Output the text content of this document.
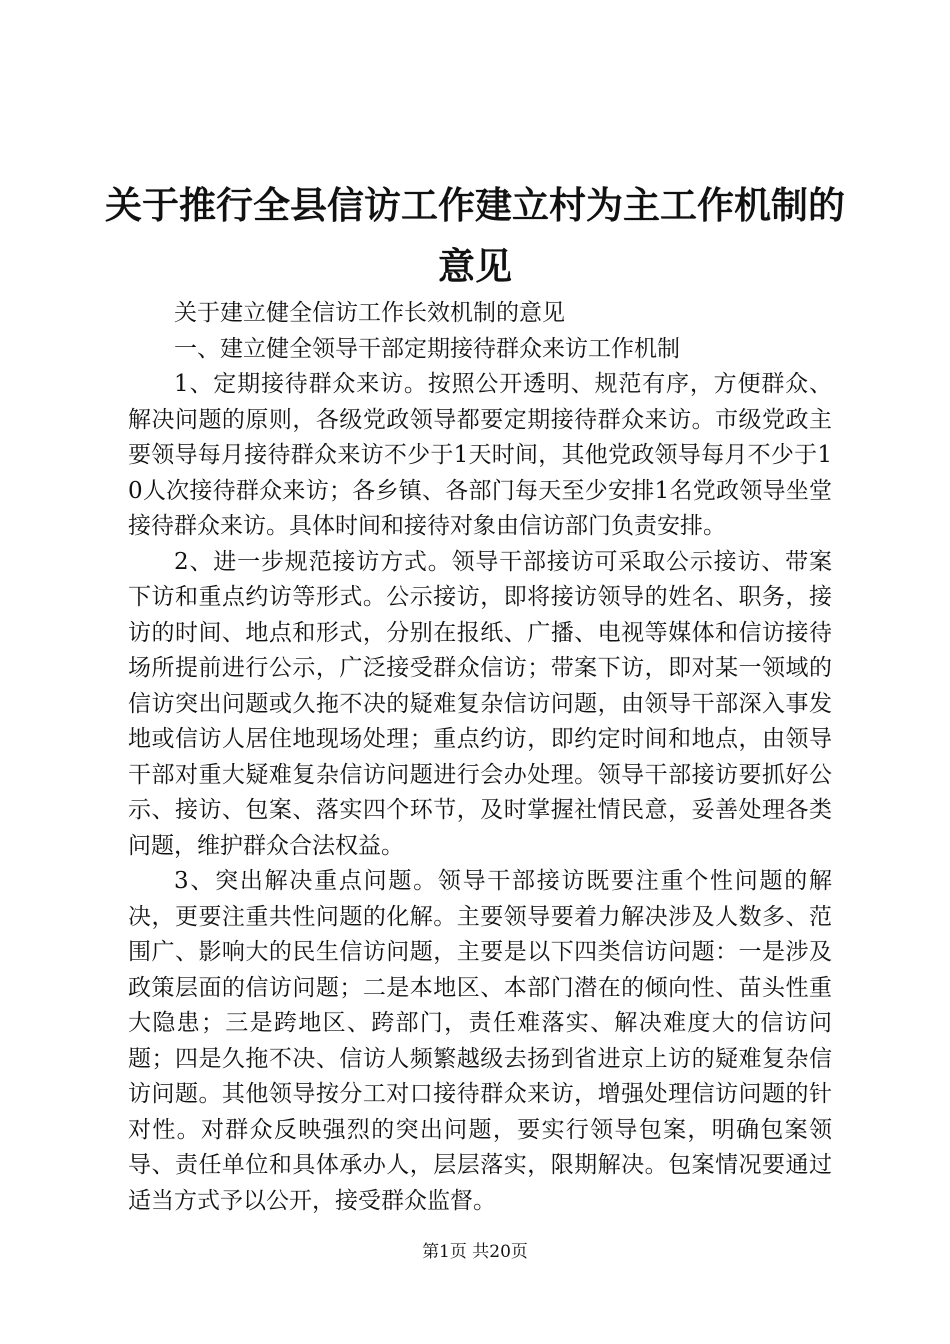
关于推行全县信访工作建立村为主工作机制的
意见

关于建立健全信访工作长效机制的意见

一、建立健全领导干部定期接待群众来访工作机制

1、定期接待群众来访。按照公开透明、规范有序，方便群众、解决问题的原则，各级党政领导都要定期接待群众来访。市级党政主要领导每月接待群众来访不少于1天时间，其他党政领导每月不少于10人次接待群众来访；各乡镇、各部门每天至少安排1名党政领导坐堂接待群众来访。具体时间和接待对象由信访部门负责安排。

2、进一步规范接访方式。领导干部接访可采取公示接访、带案下访和重点约访等形式。公示接访，即将接访领导的姓名、职务，接访的时间、地点和形式，分别在报纸、广播、电视等媒体和信访接待场所提前进行公示，广泛接受群众信访；带案下访，即对某一领域的信访突出问题或久拖不决的疑难复杂信访问题，由领导干部深入事发地或信访人居住地现场处理；重点约访，即约定时间和地点，由领导干部对重大疑难复杂信访问题进行会办处理。领导干部接访要抓好公示、接访、包案、落实四个环节，及时掌握社情民意，妥善处理各类问题，维护群众合法权益。

3、突出解决重点问题。领导干部接访既要注重个性问题的解决，更要注重共性问题的化解。主要领导要着力解决涉及人数多、范围广、影响大的民生信访问题，主要是以下四类信访问题：一是涉及政策层面的信访问题；二是本地区、本部门潜在的倾向性、苗头性重大隐患；三是跨地区、跨部门，责任难落实、解决难度大的信访问题；四是久拖不决、信访人频繁越级去扬到省进京上访的疑难复杂信访问题。其他领导按分工对口接待群众来访，增强处理信访问题的针对性。对群众反映强烈的突出问题，要实行领导包案，明确包案领导、责任单位和具体承办人，层层落实，限期解决。包案情况要通过适当方式予以公开，接受群众监督。

第1页 共20页
